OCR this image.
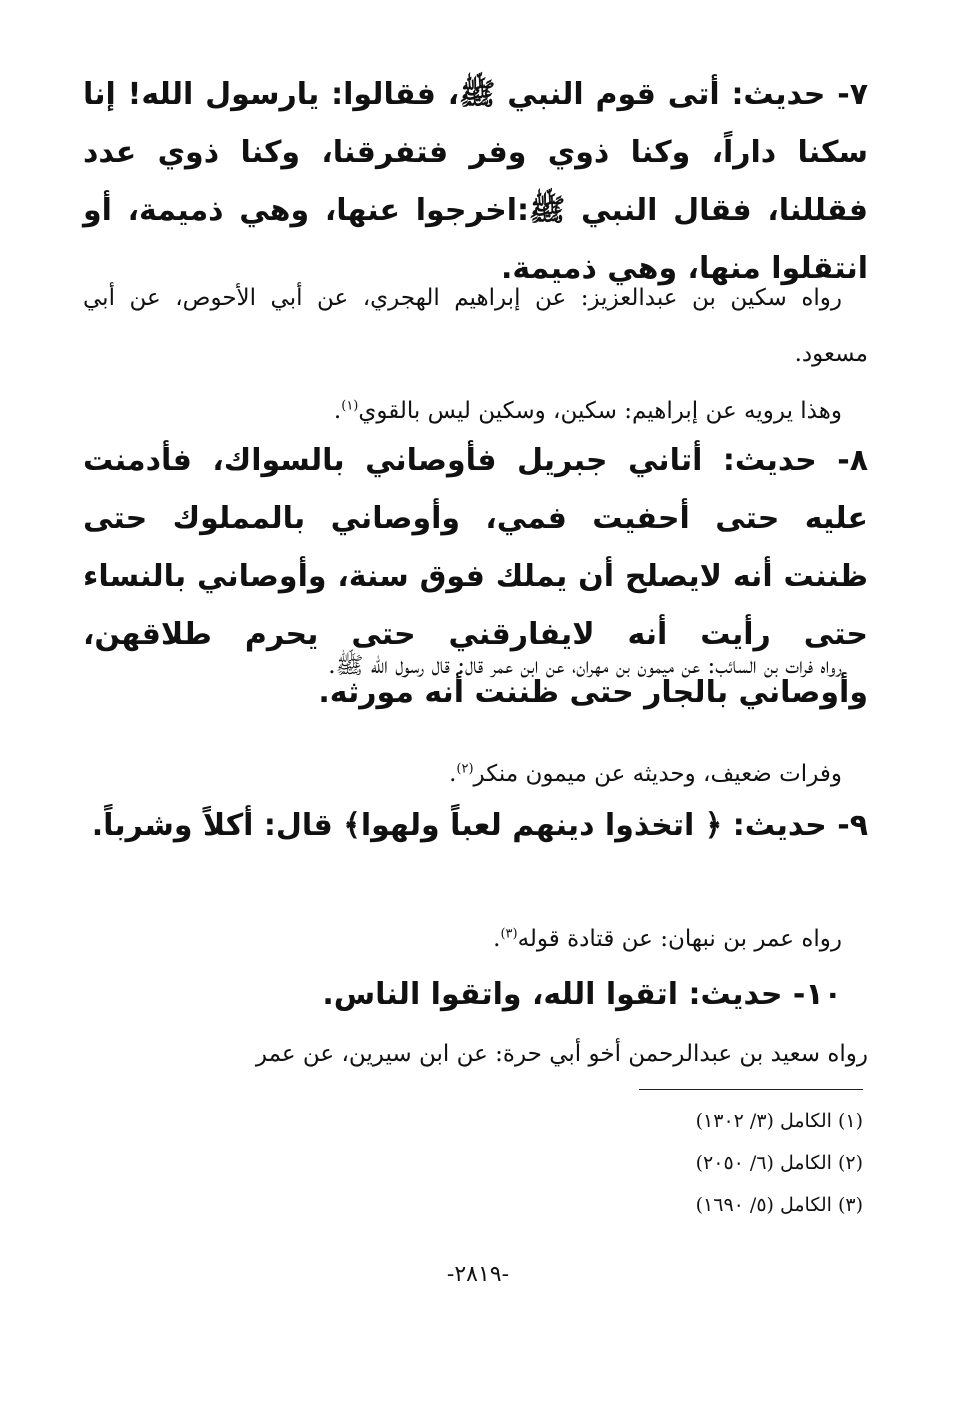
٧- حديث: أتى قوم النبي ﷺ، فقالوا: يارسول الله! إنا سكنا داراً، وكنا ذوي وفر فتفرقنا، وكنا ذوي عدد فقللنا، فقال النبي ﷺ:اخرجوا عنها، وهي ذميمة، أو انتقلوا منها، وهي ذميمة.

رواه سكين بن عبدالعزيز: عن إبراهيم الهجري، عن أبي الأحوص، عن أبي مسعود.

وهذا يرويه عن إبراهيم: سكين، وسكين ليس بالقوي$^{(١)}$.

٨- حديث: أتاني جبريل فأوصاني بالسواك، فأدمنت عليه حتى أحفيت فمي، وأوصاني بالمملوك حتى ظننت أنه لايصلح أن يملك فوق سنة، وأوصاني بالنساء حتى رأيت أنه لايفارقني حتى يحرم طلاقهن، وأوصاني بالجار حتى ظننت أنه مورثه.

رواه فرات بن السائب: عن ميمون بن مهران، عن ابن عمر قال: قال رسول الله ﷺ.

وفرات ضعيف، وحديثه عن ميمون منكر$^{(٢)}$.

٩- حديث: ﴿ اتخذوا دينهم لعباً ولهوا﴾ قال: أكلاً وشرباً.

رواه عمر بن نبهان: عن قتادة قوله$^{(٣)}$.

١٠- حديث: اتقوا الله، واتقوا الناس.

رواه سعيد بن عبدالرحمن أخو أبي حرة: عن ابن سيرين، عن عمر

(١) الكامل (٣/ ١٣٠٢)
(٢) الكامل (٦/ ٢٠٥٠)
(٣) الكامل (٥/ ١٦٩٠)
-٢٨١٩-
